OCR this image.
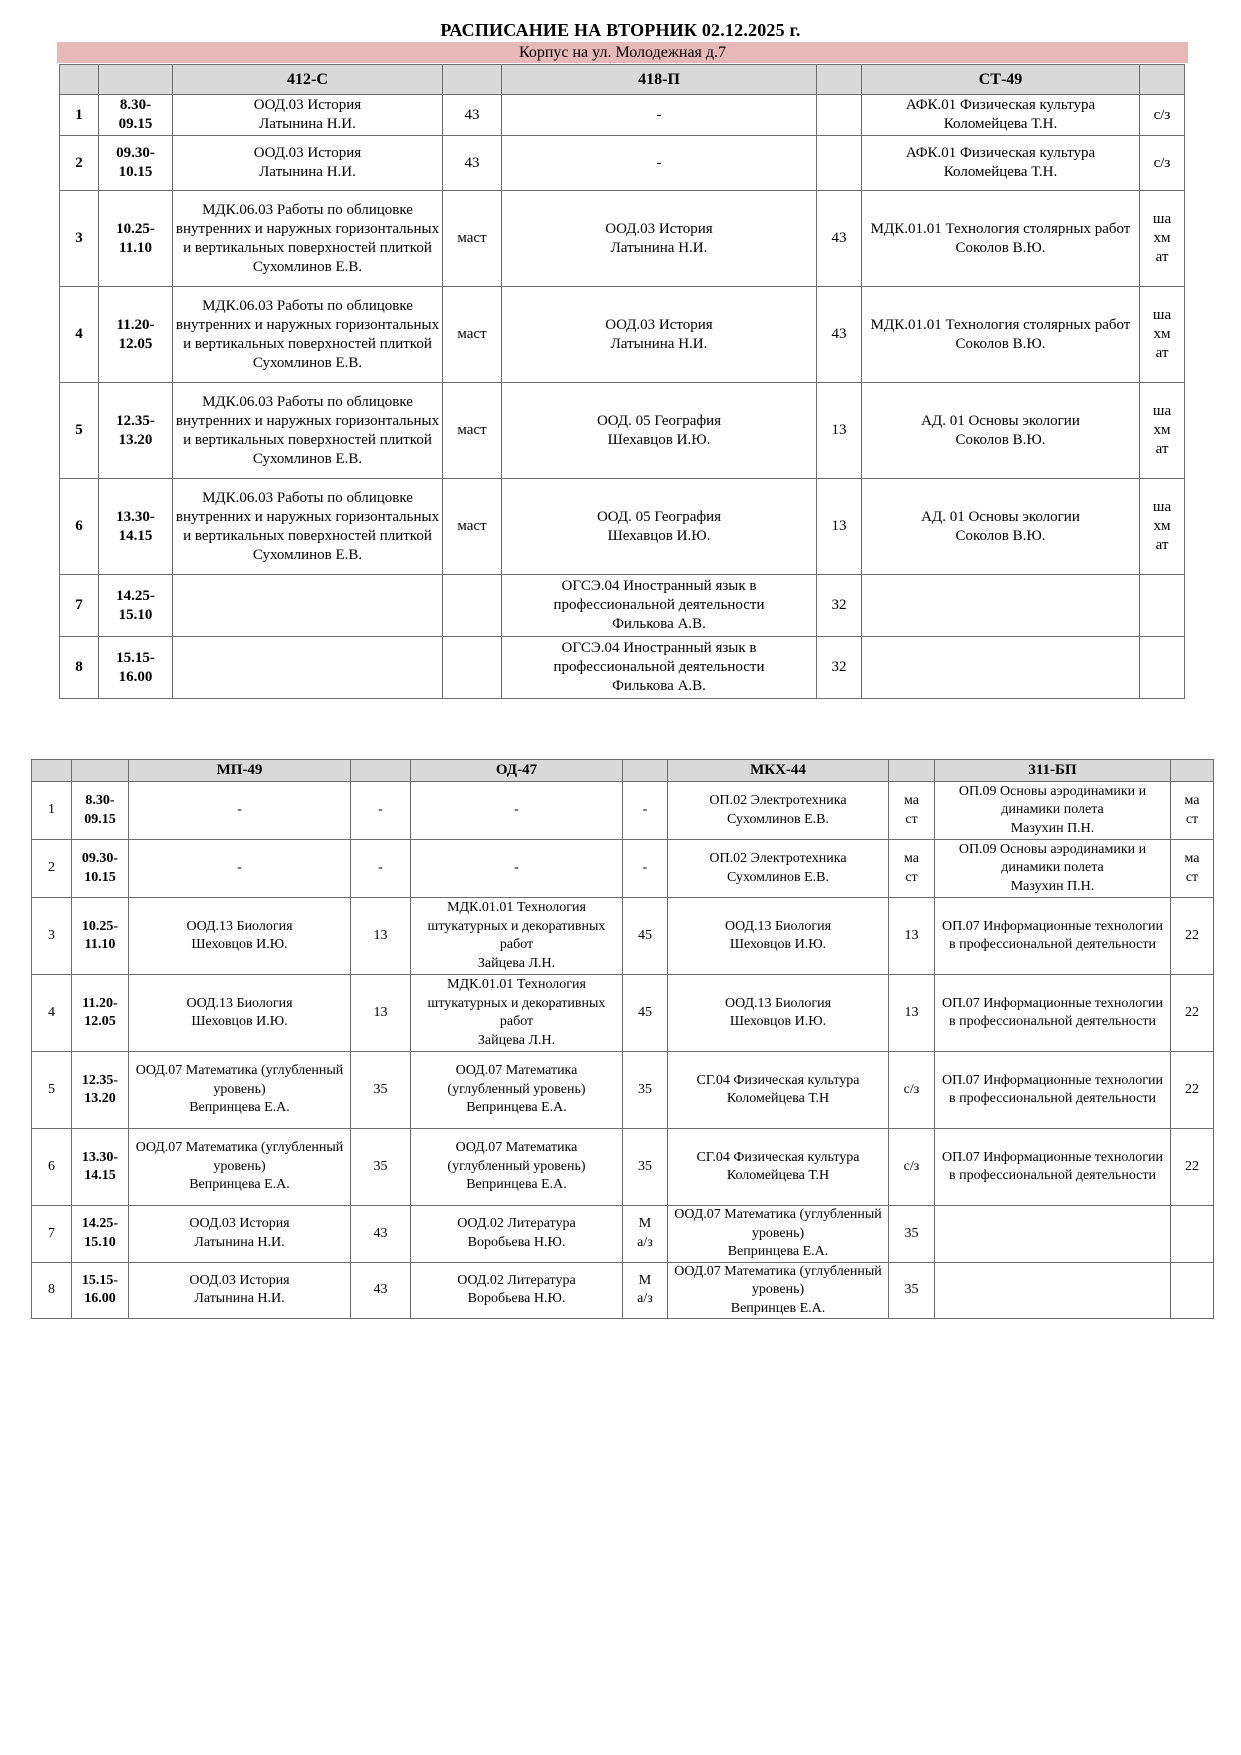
РАСПИСАНИЕ НА ВТОРНИК 02.12.2025 г.
Корпус на ул. Молодежная д.7
		412-С		418-П		СТ-49	
1	8.30-
09.15	ООД.03 История
Латынина Н.И.	43	-		АФК.01 Физическая культура
Коломейцева Т.Н.	с/з
2	09.30-
10.15	ООД.03 История
Латынина Н.И.	43	-		АФК.01 Физическая культура
Коломейцева Т.Н.	с/з
3	10.25-
11.10	МДК.06.03 Работы по облицовке внутренних и наружных горизонтальных и вертикальных поверхностей плиткой
Сухомлинов Е.В.	маст	ООД.03 История
Латынина Н.И.	43	МДК.01.01 Технология столярных работ
Соколов В.Ю.	ша
хм
ат
4	11.20-
12.05	МДК.06.03 Работы по облицовке внутренних и наружных горизонтальных и вертикальных поверхностей плиткой
Сухомлинов Е.В.	маст	ООД.03 История
Латынина Н.И.	43	МДК.01.01 Технология столярных работ
Соколов В.Ю.	ша
хм
ат
5	12.35-
13.20	МДК.06.03 Работы по облицовке внутренних и наружных горизонтальных и вертикальных поверхностей плиткой
Сухомлинов Е.В.	маст	ООД. 05 География
Шехавцов И.Ю.	13	АД. 01 Основы экологии
Соколов В.Ю.	ша
хм
ат
6	13.30-
14.15	МДК.06.03 Работы по облицовке внутренних и наружных горизонтальных и вертикальных поверхностей плиткой
Сухомлинов Е.В.	маст	ООД. 05 География
Шехавцов И.Ю.	13	АД. 01 Основы экологии
Соколов В.Ю.	ша
хм
ат
7	14.25-
15.10			ОГСЭ.04 Иностранный язык в профессиональной деятельности
Филькова А.В.	32		
8	15.15-
16.00			ОГСЭ.04 Иностранный язык в профессиональной деятельности
Филькова А.В.	32		
		МП-49		ОД-47		МКХ-44		311-БП	
1	8.30-
09.15	-	-	-	-	ОП.02 Электротехника
Сухомлинов Е.В.	ма
ст	ОП.09 Основы аэродинамики и динамики полета
Мазухин П.Н.	ма
ст
2	09.30-
10.15	-	-	-	-	ОП.02 Электротехника
Сухомлинов Е.В.	ма
ст	ОП.09 Основы аэродинамики и динамики полета
Мазухин П.Н.	ма
ст
3	10.25-
11.10	ООД.13 Биология
Шеховцов И.Ю.	13	МДК.01.01 Технология штукатурных и декоративных работ
Зайцева Л.Н.	45	ООД.13 Биология
Шеховцов И.Ю.	13	ОП.07 Информационные технологии в профессиональной деятельности	22
4	11.20-
12.05	ООД.13 Биология
Шеховцов И.Ю.	13	МДК.01.01 Технология штукатурных и декоративных работ
Зайцева Л.Н.	45	ООД.13 Биология
Шеховцов И.Ю.	13	ОП.07 Информационные технологии в профессиональной деятельности	22
5	12.35-
13.20	ООД.07 Математика (углубленный уровень)
Вепринцева Е.А.	35	ООД.07 Математика (углубленный уровень)
Вепринцева Е.А.	35	СГ.04 Физическая культура
Коломейцева Т.Н	с/з	ОП.07 Информационные технологии в профессиональной деятельности	22
6	13.30-
14.15	ООД.07 Математика (углубленный уровень)
Вепринцева Е.А.	35	ООД.07 Математика (углубленный уровень)
Вепринцева Е.А.	35	СГ.04 Физическая культура
Коломейцева Т.Н	с/з	ОП.07 Информационные технологии в профессиональной деятельности	22
7	14.25-
15.10	ООД.03 История
Латынина Н.И.	43	ООД.02 Литература
Воробьева Н.Ю.	М
а/з	ООД.07 Математика (углубленный уровень)
Вепринцева Е.А.	35		
8	15.15-
16.00	ООД.03 История
Латынина Н.И.	43	ООД.02 Литература
Воробьева Н.Ю.	М
а/з	ООД.07 Математика (углубленный уровень)
Вепринцев Е.А.	35		
